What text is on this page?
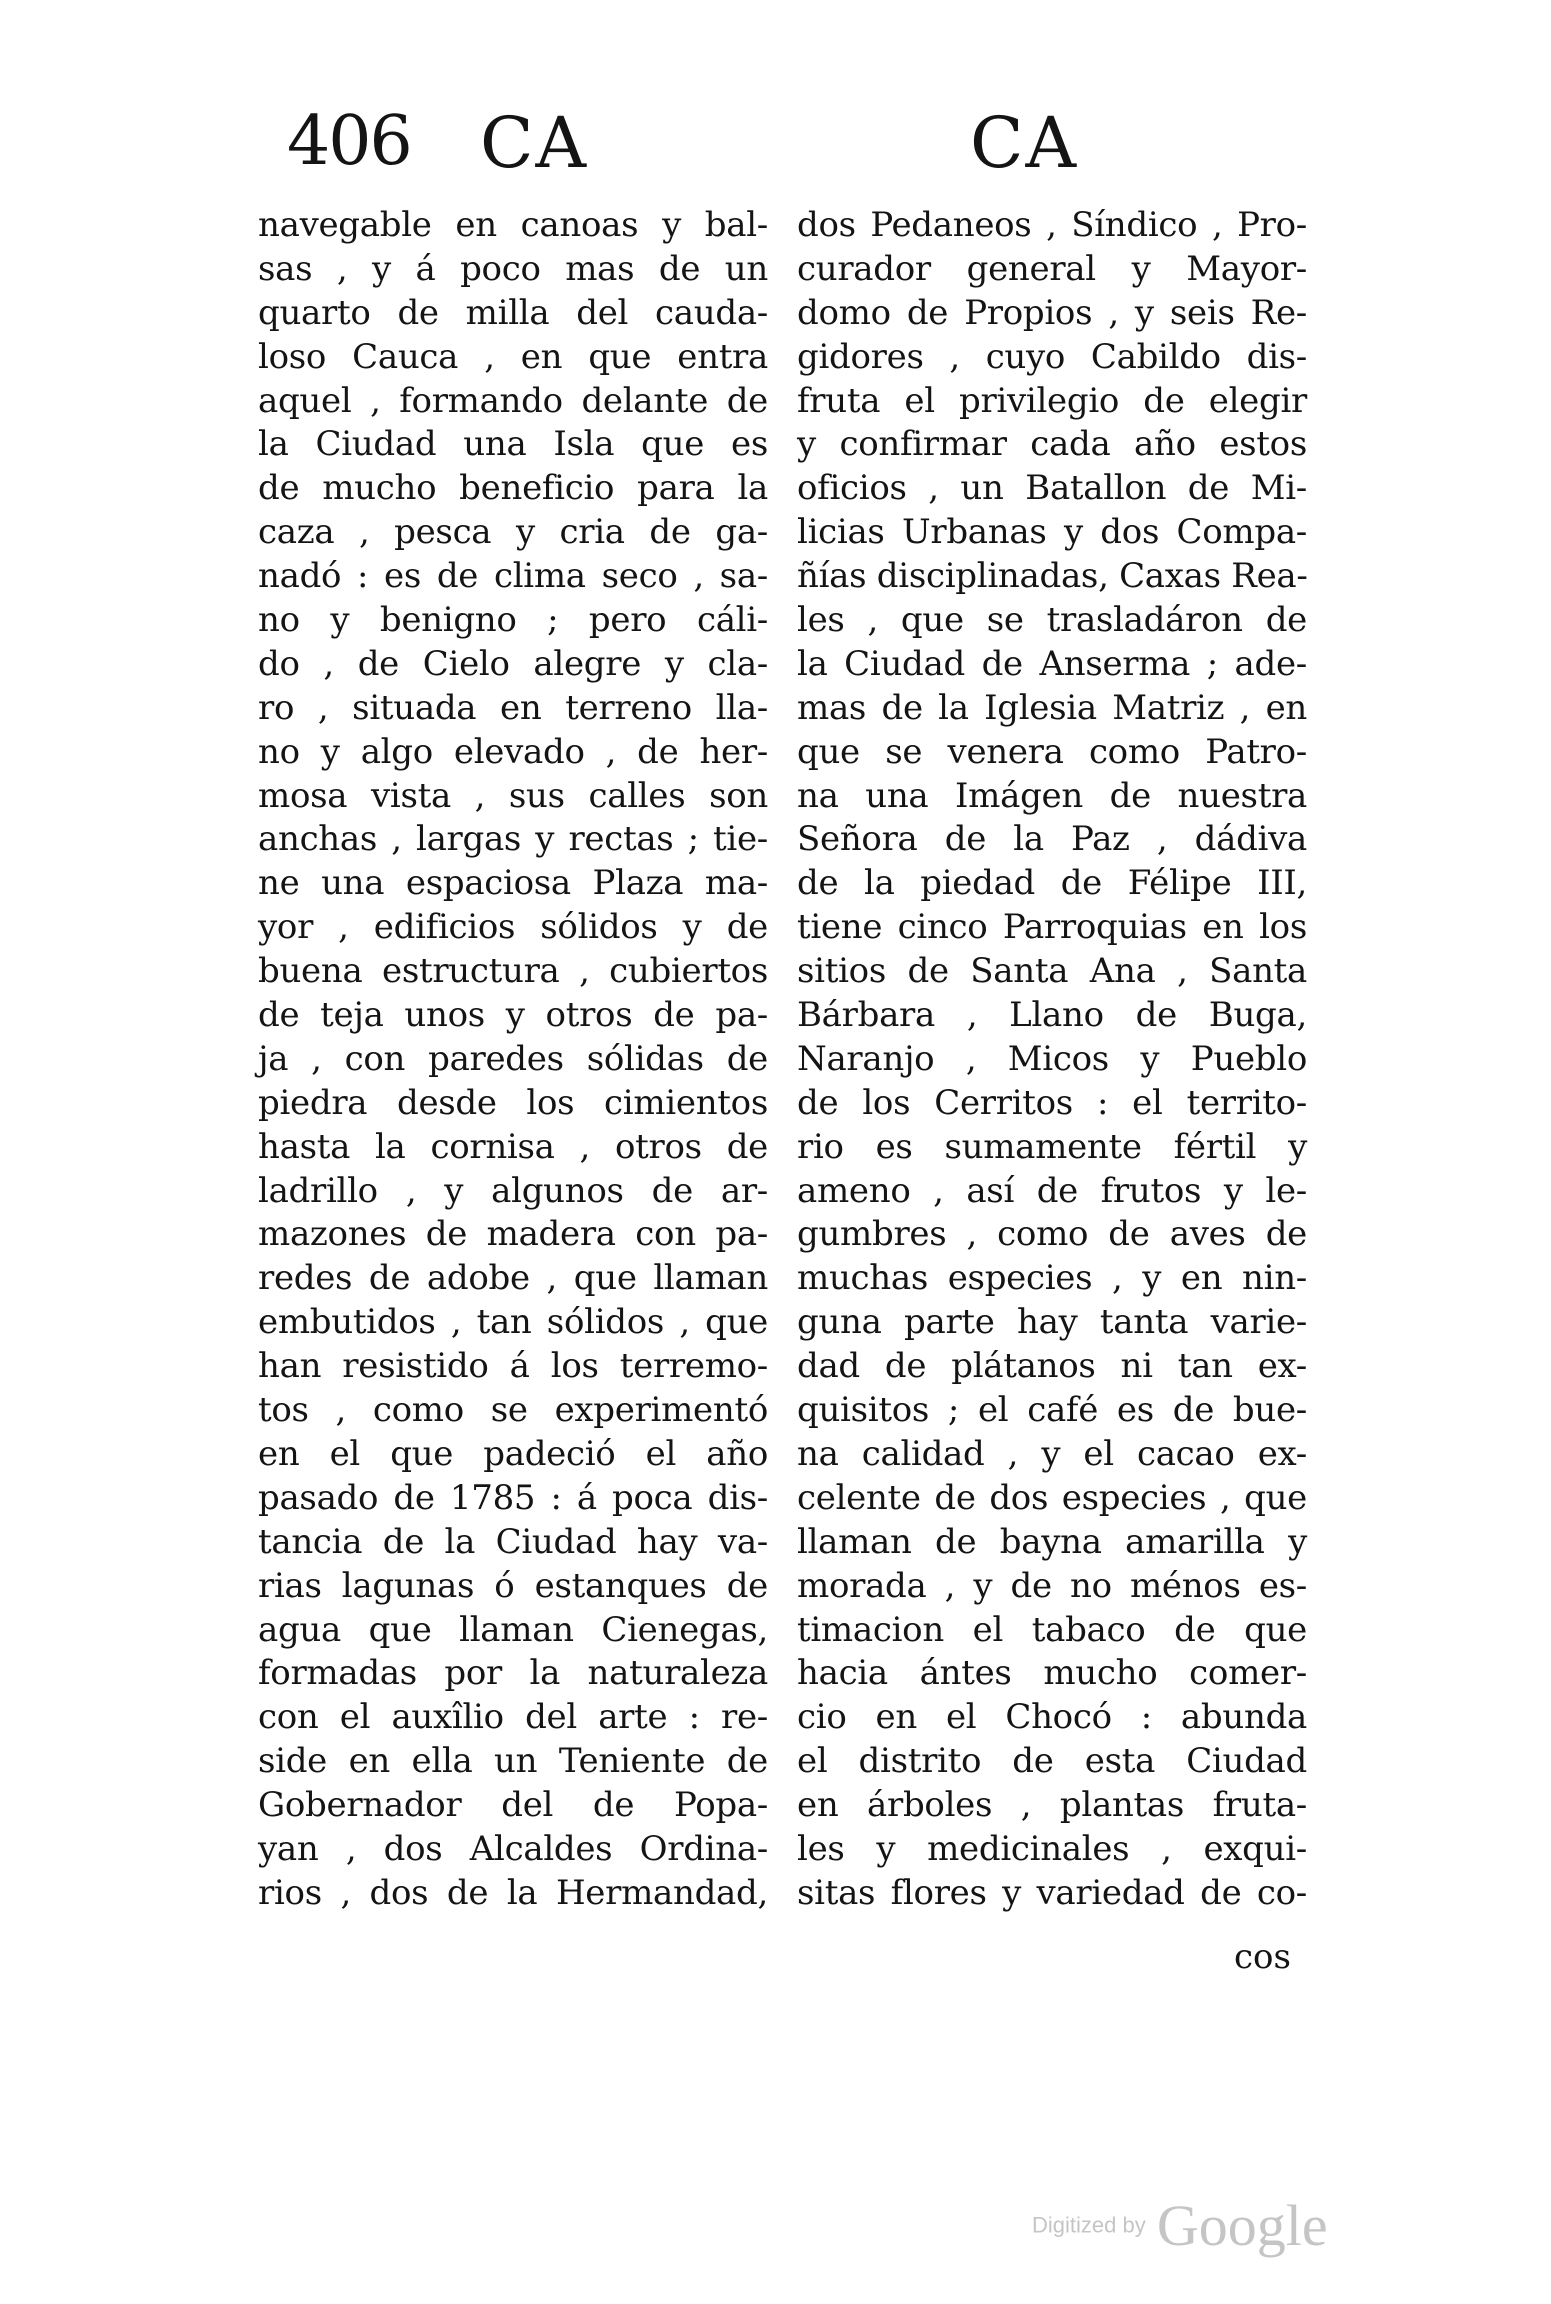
406 CA	CA
navegable en canoas y bal-
sas , y á poco mas de un
quarto de milla del cauda-
loso Cauca , en que entra
aquel , formando delante de
la Ciudad una Isla que es
de mucho beneficio para la
caza , pesca y cria de ga-
nadó : es de clima seco , sa-
no y benigno ; pero cáli-
do , de Cielo alegre y cla-
ro , situada en terreno lla-
no y algo elevado , de her-
mosa vista , sus calles son
anchas , largas y rectas ; tie-
ne una espaciosa Plaza ma-
yor , edificios sólidos y de
buena estructura , cubiertos
de teja unos y otros de pa-
ja , con paredes sólidas de
piedra desde los cimientos
hasta la cornisa , otros de
ladrillo , y algunos de ar-
mazones de madera con pa-
redes de adobe , que llaman
embutidos , tan sólidos , que
han resistido á los terremo-
tos , como se experimentó
en el que padeció el año
pasado de 1785 : á poca dis-
tancia de la Ciudad hay va-
rias lagunas ó estanques de
agua que llaman Cienegas,
formadas por la naturaleza
con el auxîlio del arte : re-
side en ella un Teniente de
Gobernador del de Popa-
yan , dos Alcaldes Ordina-
rios , dos de la Hermandad,
dos Pedaneos , Síndico , Pro-
curador general y Mayor-
domo de Propios , y seis Re-
gidores , cuyo Cabildo dis-
fruta el privilegio de elegir
y confirmar cada año estos
oficios , un Batallon de Mi-
licias Urbanas y dos Compa-
ñías disciplinadas, Caxas Rea-
les , que se trasladáron de
la Ciudad de Anserma ; ade-
mas de la Iglesia Matriz , en
que se venera como Patro-
na una Imágen de nuestra
Señora de la Paz , dádiva
de la piedad de Félipe III,
tiene cinco Parroquias en los
sitios de Santa Ana , Santa
Bárbara , Llano de Buga,
Naranjo , Micos y Pueblo
de los Cerritos : el territo-
rio es sumamente fértil y
ameno , así de frutos y le-
gumbres , como de aves de
muchas especies , y en nin-
guna parte hay tanta varie-
dad de plátanos ni tan ex-
quisitos ; el café es de bue-
na calidad , y el cacao ex-
celente de dos especies , que
llaman de bayna amarilla y
morada , y de no ménos es-
timacion el tabaco de que
hacia ántes mucho comer-
cio en el Chocó : abunda
el distrito de esta Ciudad
en árboles , plantas fruta-
les y medicinales , exqui-
sitas flores y variedad de co-
cos
Digitized by Google
